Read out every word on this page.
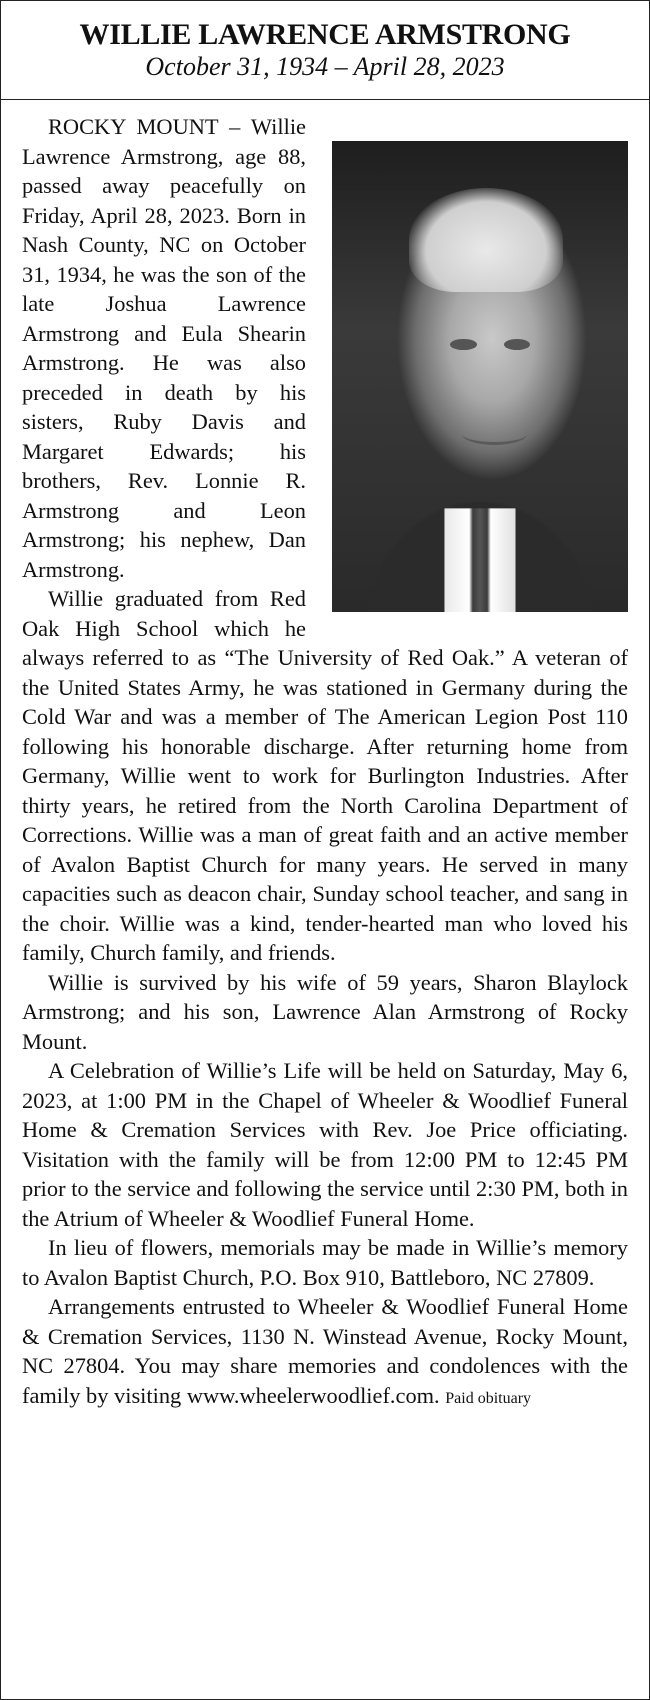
WILLIE LAWRENCE ARMSTRONG
October 31, 1934 – April 28, 2023

ROCKY MOUNT – Willie Lawrence Armstrong, age 88, passed away peacefully on Friday, April 28, 2023. Born in Nash County, NC on October 31, 1934, he was the son of the late Joshua Lawrence Armstrong and Eula Shearin Armstrong. He was also preceded in death by his sisters, Ruby Davis and Margaret Edwards; his brothers, Rev. Lonnie R. Armstrong and Leon Armstrong; his nephew, Dan Armstrong.

Willie graduated from Red Oak High School which he always referred to as “The University of Red Oak.” A veteran of the United States Army, he was stationed in Germany during the Cold War and was a member of The American Legion Post 110 following his honorable discharge. After returning home from Germany, Willie went to work for Burlington Industries. After thirty years, he retired from the North Carolina Department of Corrections. Willie was a man of great faith and an active member of Avalon Baptist Church for many years. He served in many capacities such as deacon chair, Sunday school teacher, and sang in the choir. Willie was a kind, tender-hearted man who loved his family, Church family, and friends.

Willie is survived by his wife of 59 years, Sharon Blaylock Armstrong; and his son, Lawrence Alan Armstrong of Rocky Mount.

A Celebration of Willie’s Life will be held on Saturday, May 6, 2023, at 1:00 PM in the Chapel of Wheeler & Woodlief Funeral Home & Cremation Services with Rev. Joe Price officiating. Visitation with the family will be from 12:00 PM to 12:45 PM prior to the service and following the service until 2:30 PM, both in the Atrium of Wheeler & Woodlief Funeral Home.

In lieu of flowers, memorials may be made in Willie’s memory to Avalon Baptist Church, P.O. Box 910, Battleboro, NC 27809.

Arrangements entrusted to Wheeler & Woodlief Funeral Home & Cremation Services, 1130 N. Winstead Avenue, Rocky Mount, NC 27804. You may share memories and condolences with the family by visiting www.wheelerwoodlief.com. Paid obituary
